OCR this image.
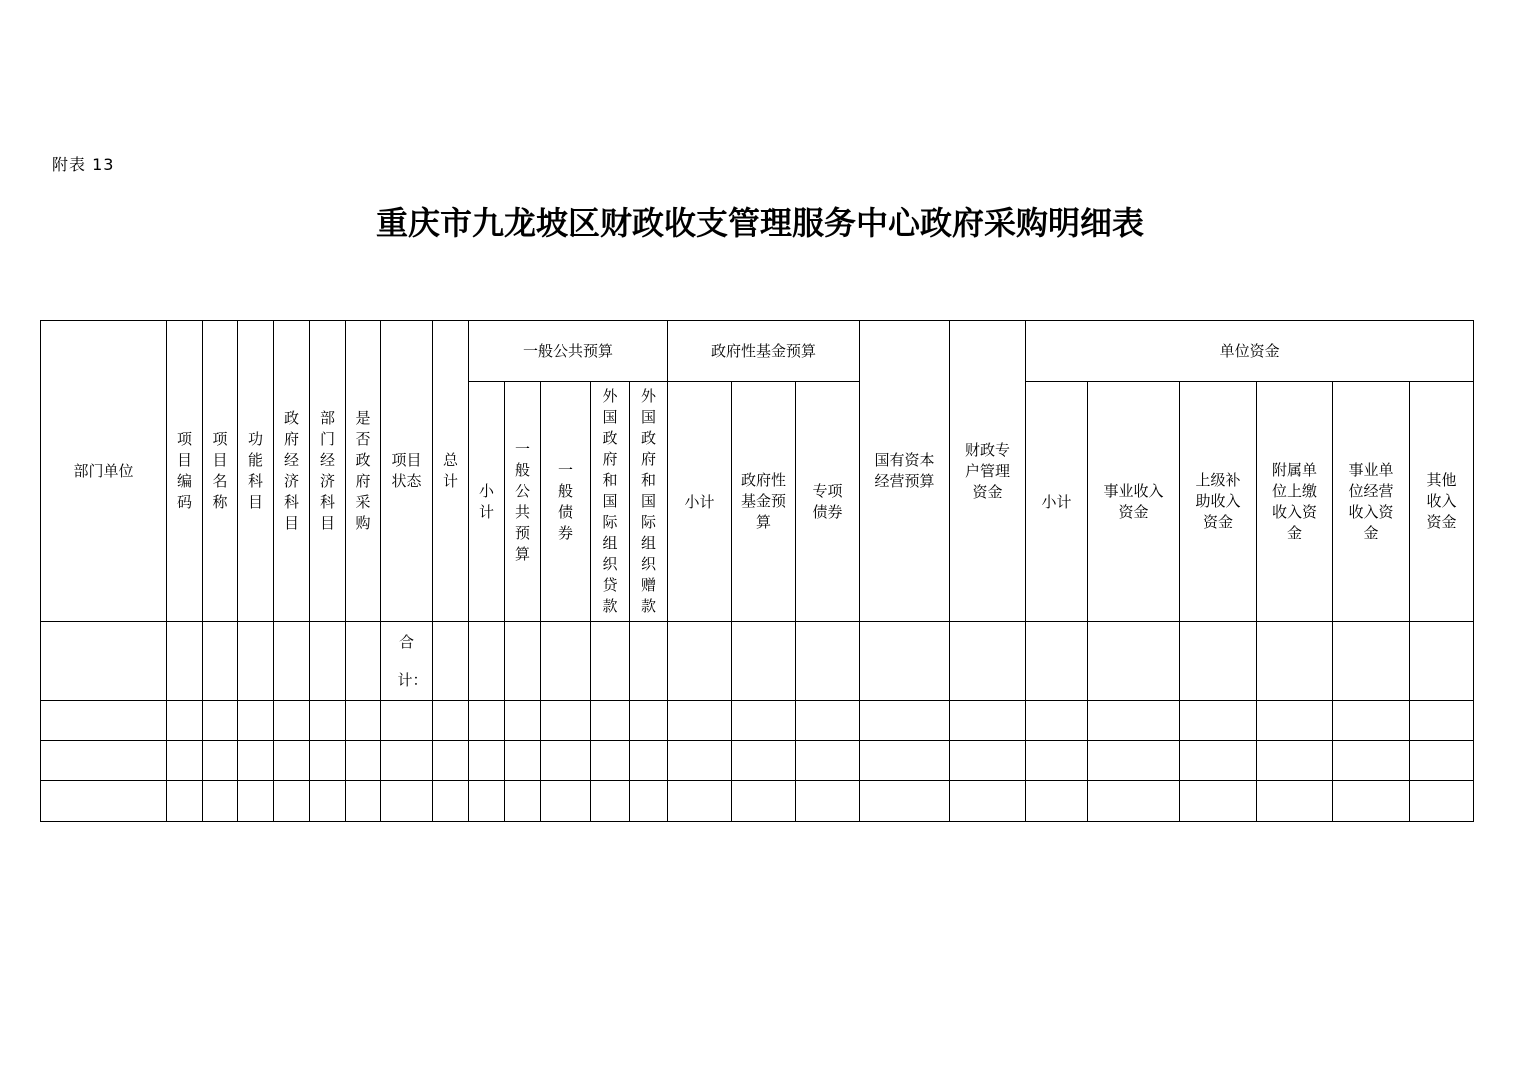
附表 13
重庆市九龙坡区财政收支管理服务中心政府采购明细表
部门单位	项目编码	项目名称	功能科目	政府经济科目	部门经济科目	是否政府采购	项目状态	总计	一般公共预算					政府性基金预算			国有资本经营预算	财政专户管理资金	单位资金					
									小计	一般公共预算	一般债券	外国政府和国际组织贷款	外国政府和国际组织赠款	小计	政府性基金预算	专项债券			小计	事业收入资金	上级补助收入资金	附属单位上缴收入资金	事业单位经营收入资金	其他收入资金
							合计：																	
